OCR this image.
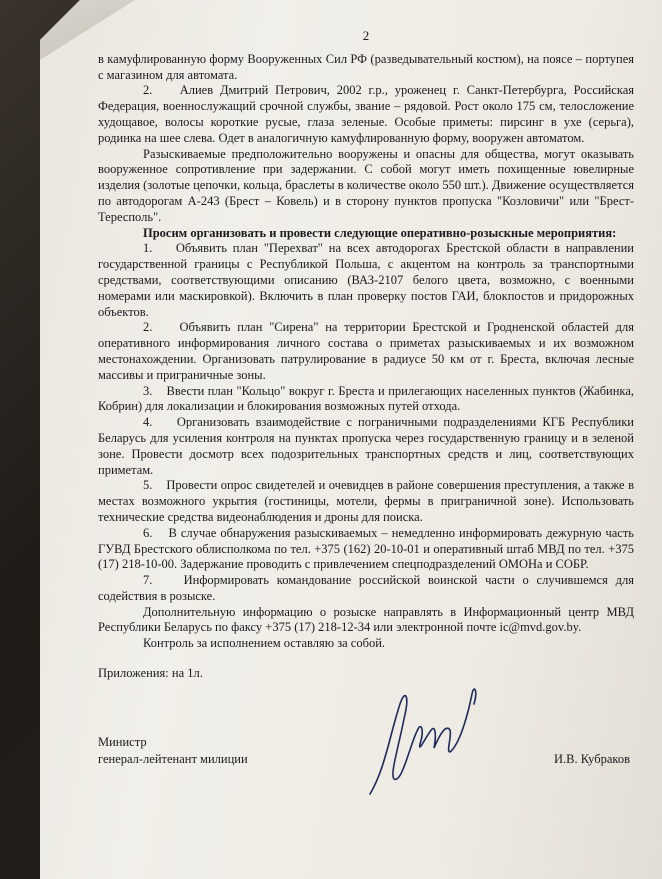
2

в камуфлированную форму Вооруженных Сил РФ (разведывательный костюм), на поясе – портупея с магазином для автомата.

2.    Алиев Дмитрий Петрович, 2002 г.р., уроженец г. Санкт-Петербурга, Российская Федерация, военнослужащий срочной службы, звание – рядовой. Рост около 175 см, телосложение худощавое, волосы короткие русые, глаза зеленые. Особые приметы: пирсинг в ухе (серьга), родинка на шее слева. Одет в аналогичную камуфлированную форму, вооружен автоматом.

Разыскиваемые предположительно вооружены и опасны для общества, могут оказывать вооруженное сопротивление при задержании. С собой могут иметь похищенные ювелирные изделия (золотые цепочки, кольца, браслеты в количестве около 550 шт.). Движение осуществляется по автодорогам А-243 (Брест – Ковель) и в сторону пунктов пропуска "Козловичи" или "Брест-Тересполь".

Просим организовать и провести следующие оперативно-розыскные мероприятия:

1.    Объявить план "Перехват" на всех автодорогах Брестской области в направлении государственной границы с Республикой Польша, с акцентом на контроль за транспортными средствами, соответствующими описанию (ВАЗ-2107 белого цвета, возможно, с военными номерами или маскировкой). Включить в план проверку постов ГАИ, блокпостов и придорожных объектов.

2.    Объявить план "Сирена" на территории Брестской и Гродненской областей для оперативного информирования личного состава о приметах разыскиваемых и их возможном местонахождении. Организовать патрулирование в радиусе 50 км от г. Бреста, включая лесные массивы и приграничные зоны.

3.    Ввести план "Кольцо" вокруг г. Бреста и прилегающих населенных пунктов (Жабинка, Кобрин) для локализации и блокирования возможных путей отхода.

4.    Организовать взаимодействие с пограничными подразделениями КГБ Республики Беларусь для усиления контроля на пунктах пропуска через государственную границу и в зеленой зоне. Провести досмотр всех подозрительных транспортных средств и лиц, соответствующих приметам.

5.    Провести опрос свидетелей и очевидцев в районе совершения преступления, а также в местах возможного укрытия (гостиницы, мотели, фермы в приграничной зоне). Использовать технические средства видеонаблюдения и дроны для поиска.

6.    В случае обнаружения разыскиваемых – немедленно информировать дежурную часть ГУВД Брестского облисполкома по тел. +375 (162) 20-10-01 и оперативный штаб МВД по тел. +375 (17) 218-10-00. Задержание проводить с привлечением спецподразделений ОМОНа и СОБР.

7.    Информировать командование российской воинской части о случившемся для содействия в розыске.

Дополнительную информацию о розыске направлять в Информационный центр МВД Республики Беларусь по факсу +375 (17) 218-12-34 или электронной почте ic@mvd.gov.by.

Контроль за исполнением оставляю за собой.

Приложения: на 1л.

Министр
генерал-лейтенант милиции	И.В. Кубраков
